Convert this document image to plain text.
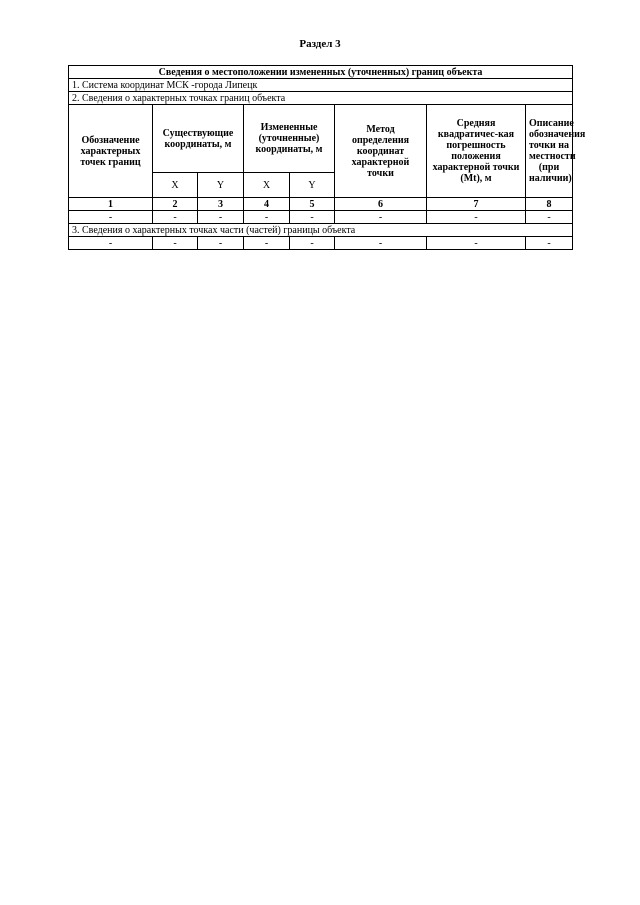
Раздел 3
Сведения о местоположении измененных (уточненных) границ объекта							
1. Система координат МСК -города Липецк							
2. Сведения о характерных точках границ объекта							
Обозначение характерных точек границ	Существующие координаты, м		Измененные (уточненные) координаты, м		Метод определения координат характерной точки	Средняя квадратичес-кая погрешность положения характерной точки (Mt), м	Описание обозначения точки на местности (при наличии)
	X	Y	X	Y			
1	2	3	4	5	6	7	8
-	-	-	-	-	-	-	-
3. Сведения о характерных точках части (частей) границы объекта							
-	-	-	-	-	-	-	-
